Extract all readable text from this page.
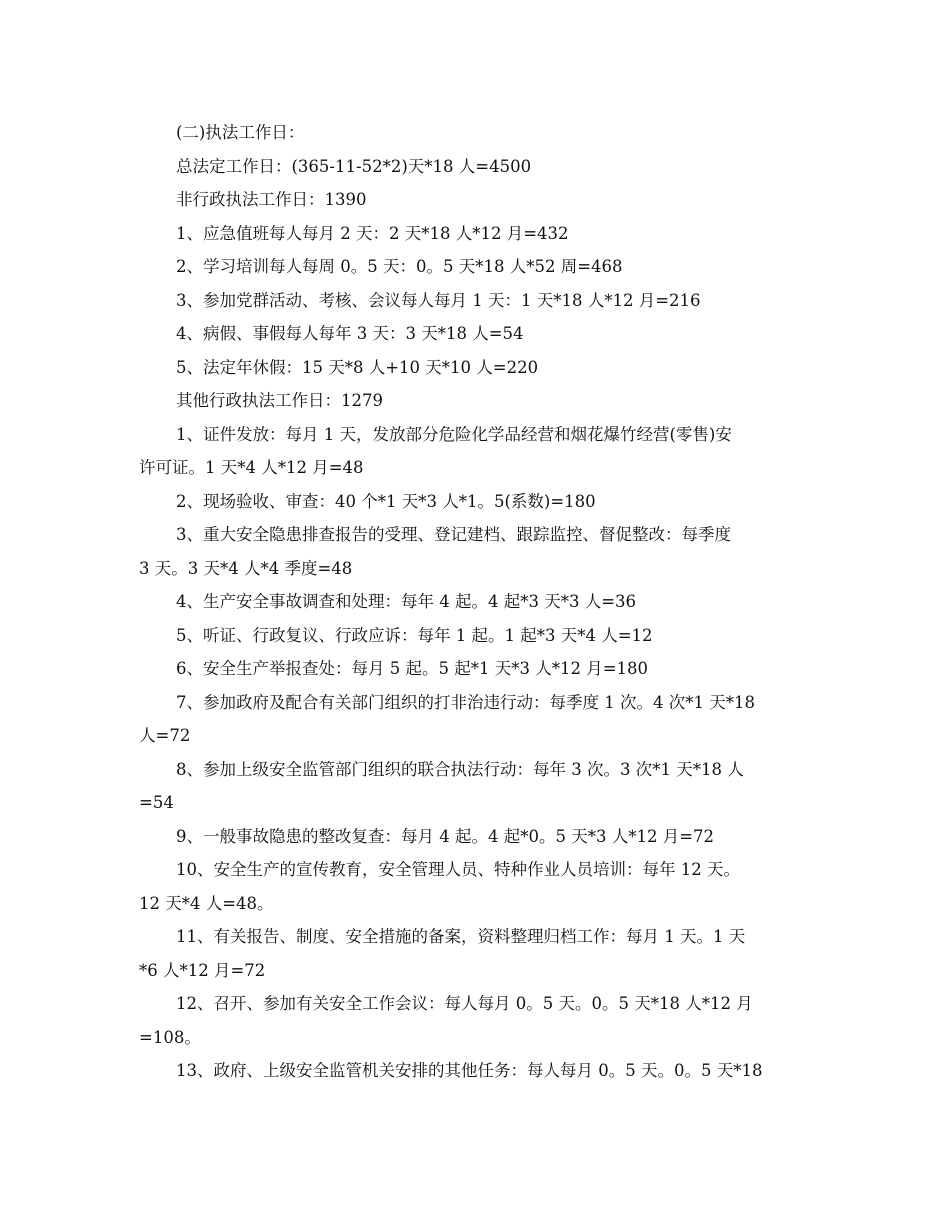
(二)执法工作日：
总法定工作日：(365-11-52*2)天*18 人=4500
非行政执法工作日：1390
1、应急值班每人每月 2 天：2 天*18 人*12 月=432
2、学习培训每人每周 0。5 天：0。5 天*18 人*52 周=468
3、参加党群活动、考核、会议每人每月 1 天：1 天*18 人*12 月=216
4、病假、事假每人每年 3 天：3 天*18 人=54
5、法定年休假：15 天*8 人+10 天*10 人=220
其他行政执法工作日：1279
1、证件发放：每月 1 天，发放部分危险化学品经营和烟花爆竹经营(零售)安
许可证。1 天*4 人*12 月=48
2、现场验收、审查：40 个*1 天*3 人*1。5(系数)=180
3、重大安全隐患排查报告的受理、登记建档、跟踪监控、督促整改：每季度
3 天。3 天*4 人*4 季度=48
4、生产安全事故调查和处理：每年 4 起。4 起*3 天*3 人=36
5、听证、行政复议、行政应诉：每年 1 起。1 起*3 天*4 人=12
6、安全生产举报查处：每月 5 起。5 起*1 天*3 人*12 月=180
7、参加政府及配合有关部门组织的打非治违行动：每季度 1 次。4 次*1 天*18
人=72
8、参加上级安全监管部门组织的联合执法行动：每年 3 次。3 次*1 天*18 人
=54
9、一般事故隐患的整改复查：每月 4 起。4 起*0。5 天*3 人*12 月=72
10、安全生产的宣传教育，安全管理人员、特种作业人员培训：每年 12 天。
12 天*4 人=48。
11、有关报告、制度、安全措施的备案，资料整理归档工作：每月 1 天。1 天
*6 人*12 月=72
12、召开、参加有关安全工作会议：每人每月 0。5 天。0。5 天*18 人*12 月
=108。
13、政府、上级安全监管机关安排的其他任务：每人每月 0。5 天。0。5 天*18
